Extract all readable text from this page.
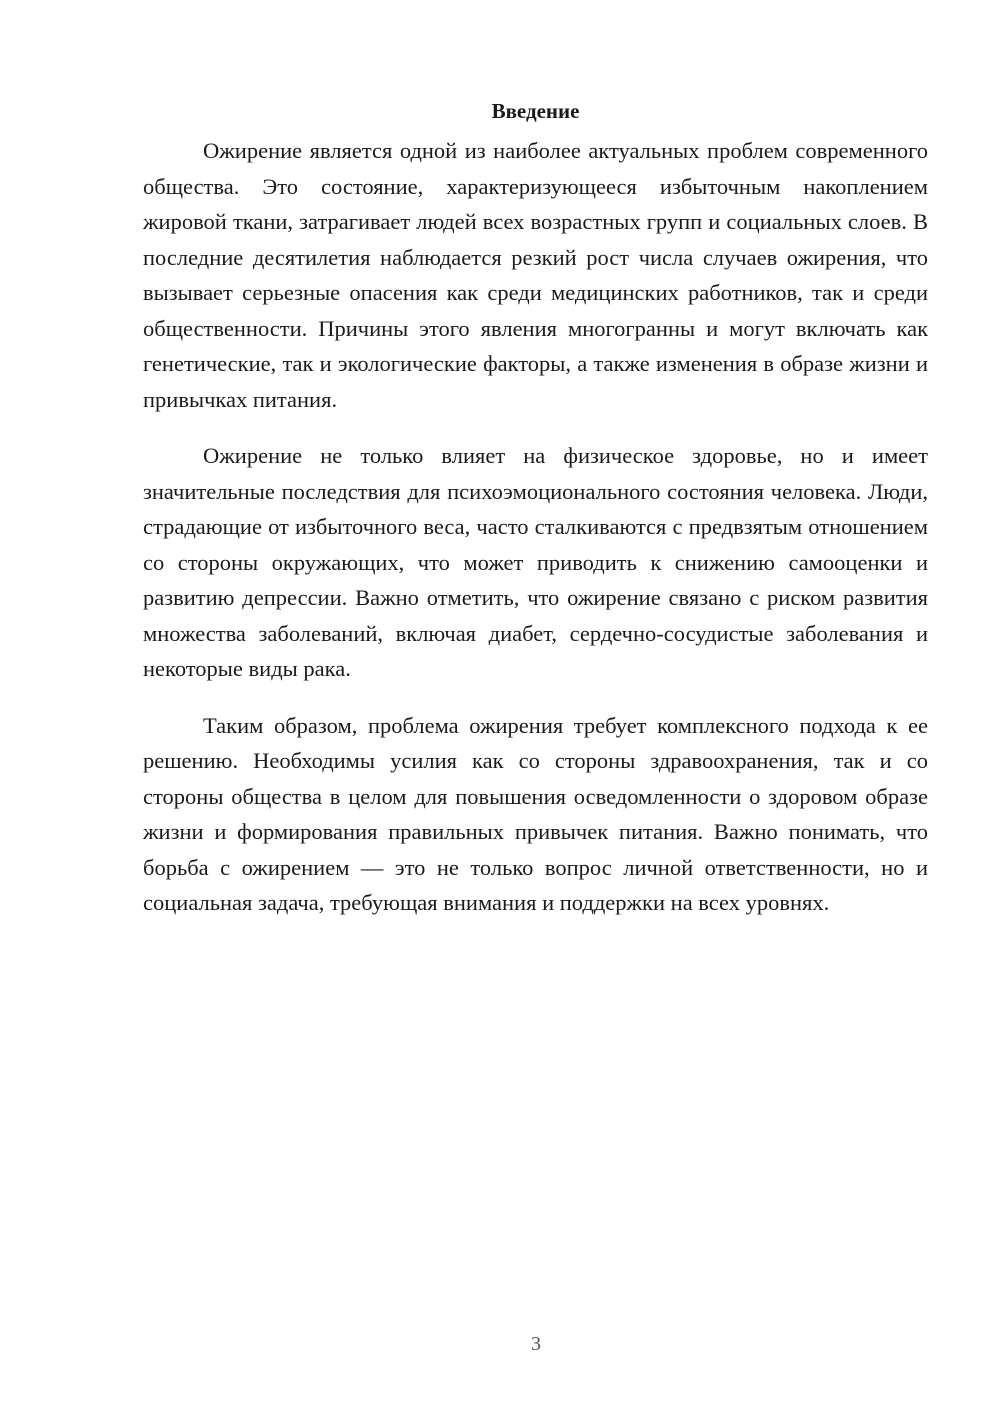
Введение

Ожирение является одной из наиболее актуальных проблем современного общества. Это состояние, характеризующееся избыточным накоплением жировой ткани, затрагивает людей всех возрастных групп и социальных слоев. В последние десятилетия наблюдается резкий рост числа случаев ожирения, что вызывает серьезные опасения как среди медицинских работников, так и среди общественности. Причины этого явления многогранны и могут включать как генетические, так и экологические факторы, а также изменения в образе жизни и привычках питания.

Ожирение не только влияет на физическое здоровье, но и имеет значительные последствия для психоэмоционального состояния человека. Люди, страдающие от избыточного веса, часто сталкиваются с предвзятым отношением со стороны окружающих, что может приводить к снижению самооценки и развитию депрессии. Важно отметить, что ожирение связано с риском развития множества заболеваний, включая диабет, сердечно-сосудистые заболевания и некоторые виды рака.

Таким образом, проблема ожирения требует комплексного подхода к ее решению. Необходимы усилия как со стороны здравоохранения, так и со стороны общества в целом для повышения осведомленности о здоровом образе жизни и формирования правильных привычек питания. Важно понимать, что борьба с ожирением — это не только вопрос личной ответственности, но и социальная задача, требующая внимания и поддержки на всех уровнях.

3
